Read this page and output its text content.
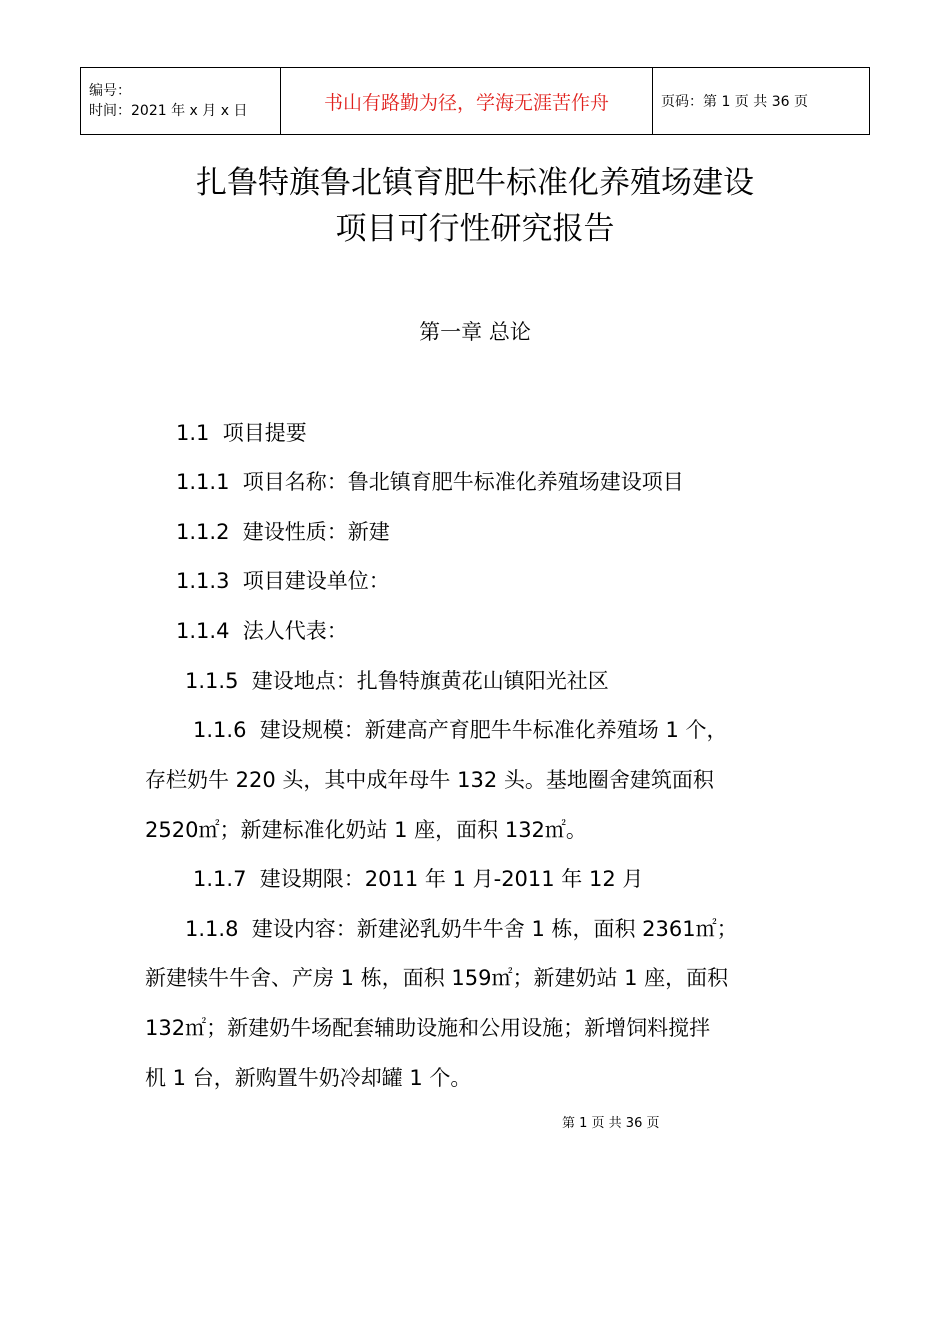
编号：
时间：2021 年 x 月 x 日	书山有路勤为径，学海无涯苦作舟	页码：第 1 页 共 36 页
扎鲁特旗鲁北镇育肥牛标准化养殖场建设
项目可行性研究报告
第一章 总论
1.1  项目提要
1.1.1  项目名称：鲁北镇育肥牛标准化养殖场建设项目
1.1.2  建设性质：新建
1.1.3  项目建设单位：
1.1.4  法人代表：
1.1.5  建设地点：扎鲁特旗黄花山镇阳光社区
1.1.6  建设规模：新建高产育肥牛牛标准化养殖场 1 个，
存栏奶牛 220 头，其中成年母牛 132 头。基地圈舍建筑面积
2520㎡；新建标准化奶站 1 座，面积 132㎡。
1.1.7  建设期限：2011 年 1 月-2011 年 12 月
1.1.8  建设内容：新建泌乳奶牛牛舍 1 栋，面积 2361㎡；
新建犊牛牛舍、产房 1 栋，面积 159㎡；新建奶站 1 座，面积
132㎡；新建奶牛场配套辅助设施和公用设施；新增饲料搅拌
机 1 台，新购置牛奶冷却罐 1 个。
第 1 页 共 36 页
